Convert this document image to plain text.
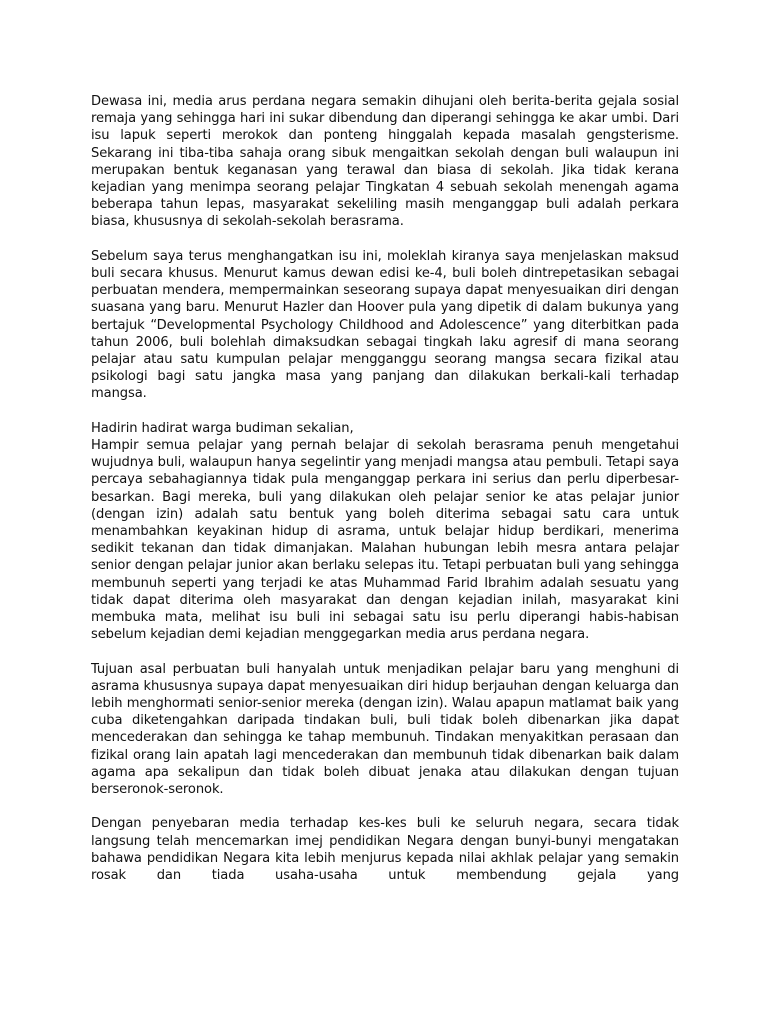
Dewasa ini, media arus perdana negara semakin dihujani oleh berita-berita gejala sosial remaja yang sehingga hari ini sukar dibendung dan diperangi sehingga ke akar umbi. Dari isu lapuk seperti merokok dan ponteng hinggalah kepada masalah gengsterisme. Sekarang ini tiba-tiba sahaja orang sibuk mengaitkan sekolah dengan buli walaupun ini merupakan bentuk keganasan yang terawal dan biasa di sekolah. Jika tidak kerana kejadian yang menimpa seorang pelajar Tingkatan 4 sebuah sekolah menengah agama beberapa tahun lepas, masyarakat sekeliling masih menganggap buli adalah perkara biasa, khususnya di sekolah-sekolah berasrama.

Sebelum saya terus menghangatkan isu ini, moleklah kiranya saya menjelaskan maksud buli secara khusus. Menurut kamus dewan edisi ke-4, buli boleh dintrepetasikan sebagai perbuatan mendera, mempermainkan seseorang supaya dapat menyesuaikan diri dengan suasana yang baru. Menurut Hazler dan Hoover pula yang dipetik di dalam bukunya yang bertajuk “Developmental Psychology Childhood and Adolescence” yang diterbitkan pada tahun 2006, buli bolehlah dimaksudkan sebagai tingkah laku agresif di mana seorang pelajar atau satu kumpulan pelajar mengganggu seorang mangsa secara fizikal atau psikologi bagi satu jangka masa yang panjang dan dilakukan berkali-kali terhadap mangsa.

Hadirin hadirat warga budiman sekalian,

Hampir semua pelajar yang pernah belajar di sekolah berasrama penuh mengetahui wujudnya buli, walaupun hanya segelintir yang menjadi mangsa atau pembuli. Tetapi saya percaya sebahagiannya tidak pula menganggap perkara ini serius dan perlu diperbesar-besarkan. Bagi mereka, buli yang dilakukan oleh pelajar senior ke atas pelajar junior (dengan izin) adalah satu bentuk yang boleh diterima sebagai satu cara untuk menambahkan keyakinan hidup di asrama, untuk belajar hidup berdikari, menerima sedikit tekanan dan tidak dimanjakan. Malahan hubungan lebih mesra antara pelajar senior dengan pelajar junior akan berlaku selepas itu. Tetapi perbuatan buli yang sehingga membunuh seperti yang terjadi ke atas Muhammad Farid Ibrahim adalah sesuatu yang tidak dapat diterima oleh masyarakat dan dengan kejadian inilah, masyarakat kini membuka mata, melihat isu buli ini sebagai satu isu perlu diperangi habis-habisan sebelum kejadian demi kejadian menggegarkan media arus perdana negara.

Tujuan asal perbuatan buli hanyalah untuk menjadikan pelajar baru yang menghuni di asrama khususnya supaya dapat menyesuaikan diri hidup berjauhan dengan keluarga dan lebih menghormati senior-senior mereka (dengan izin). Walau apapun matlamat baik yang cuba diketengahkan daripada tindakan buli, buli tidak boleh dibenarkan jika dapat mencederakan dan sehingga ke tahap membunuh. Tindakan menyakitkan perasaan dan fizikal orang lain apatah lagi mencederakan dan membunuh tidak dibenarkan baik dalam agama apa sekalipun dan tidak boleh dibuat jenaka atau dilakukan dengan tujuan berseronok-seronok.

Dengan penyebaran media terhadap kes-kes buli ke seluruh negara, secara tidak langsung telah mencemarkan imej pendidikan Negara dengan bunyi-bunyi mengatakan bahawa pendidikan Negara kita lebih menjurus kepada nilai akhlak pelajar yang semakin rosak dan tiada usaha-usaha untuk membendung gejala yang
